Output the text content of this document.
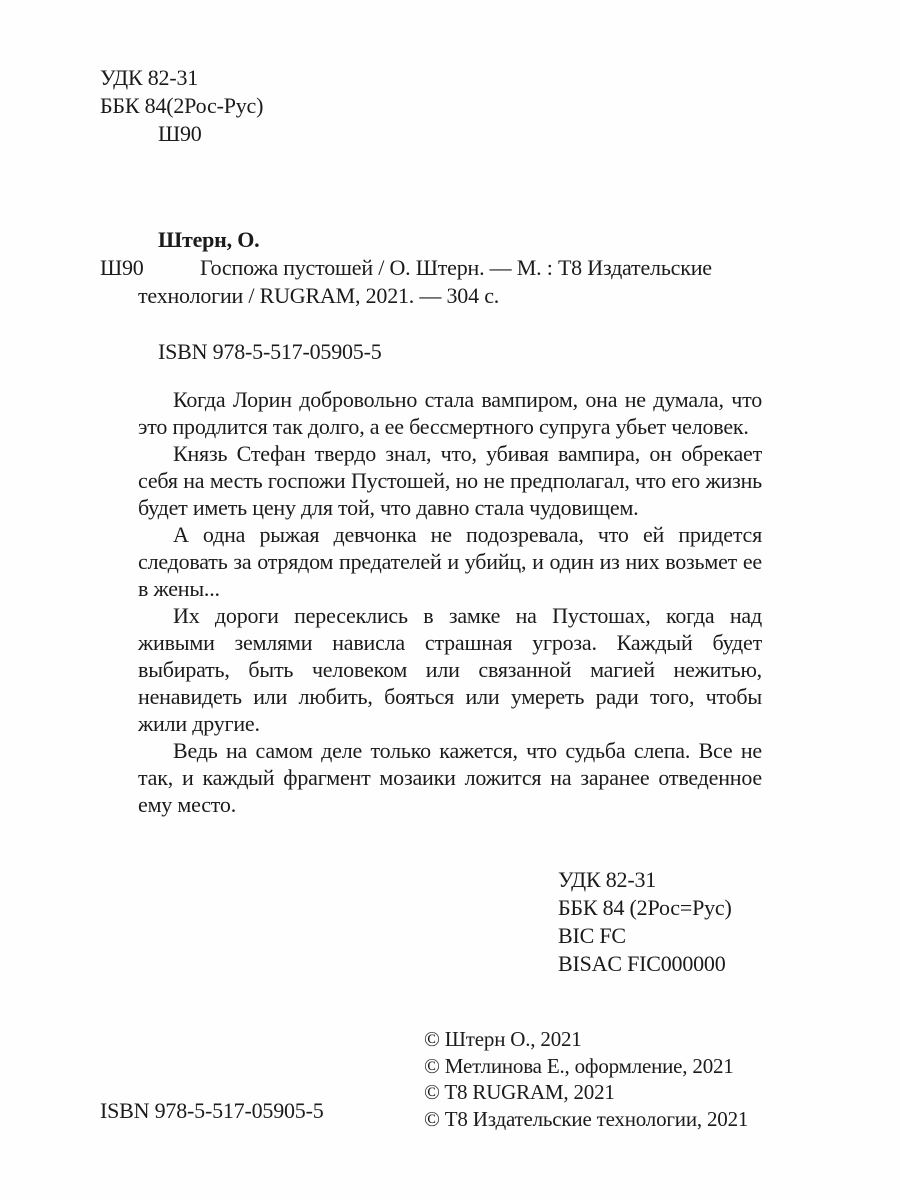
УДК 82-31
ББК 84(2Рос-Рус)
Ш90
Штерн, О.
Ш90	Госпожа пустошей / О. Штерн. — М. : Т8 Издательские
технологии / RUGRAM, 2021. — 304 с.
ISBN 978-5-517-05905-5

Когда Лорин добровольно стала вампиром, она не думала, что это продлится так долго, а ее бессмертного супруга убьет человек.

Князь Стефан твердо знал, что, убивая вампира, он обрекает себя на месть госпожи Пустошей, но не предполагал, что его жизнь будет иметь цену для той, что давно стала чудовищем.

А одна рыжая девчонка не подозревала, что ей придется следовать за отрядом предателей и убийц, и один из них возьмет ее в жены...

Их дороги пересеклись в замке на Пустошах, когда над живыми землями нависла страшная угроза. Каждый будет выбирать, быть человеком или связанной магией нежитью, ненавидеть или любить, бояться или умереть ради того, чтобы жили другие.

Ведь на самом деле только кажется, что судьба слепа. Все не так, и каждый фрагмент мозаики ложится на заранее отведенное ему место.

УДК 82-31
ББК 84 (2Рос=Рус)
BIC FC
BISAC FIC000000
© Штерн О., 2021
© Метлинова Е., оформление, 2021
© T8 RUGRAM, 2021
© Т8 Издательские технологии, 2021
ISBN 978-5-517-05905-5
